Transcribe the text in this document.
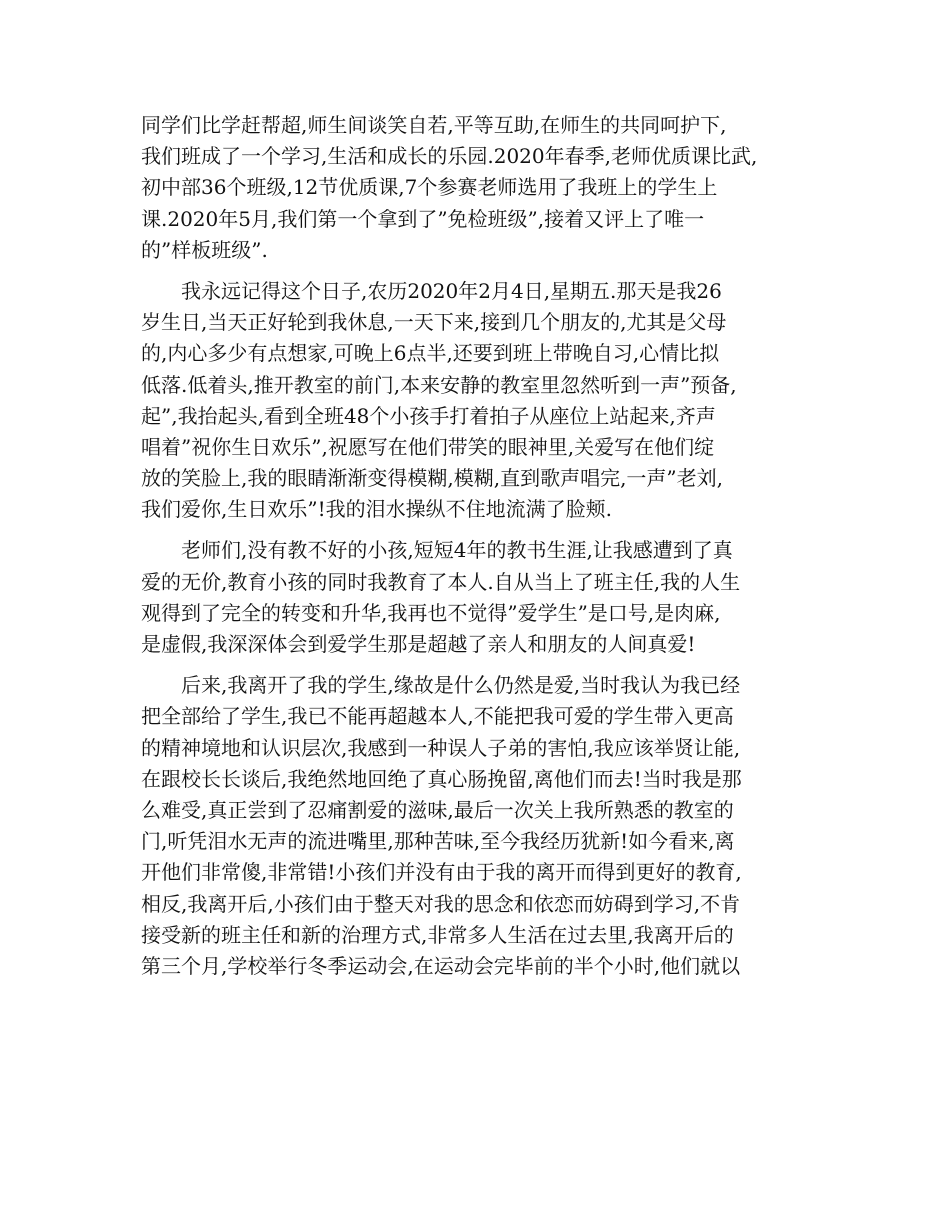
同学们比学赶帮超,师生间谈笑自若,平等互助,在师生的共同呵护下,
我们班成了一个学习,生活和成长的乐园.2020年春季,老师优质课比武,
初中部36个班级,12节优质课,7个参赛老师选用了我班上的学生上
课.2020年5月,我们第一个拿到了”免检班级”,接着又评上了唯一
的”样板班级”.
　　我永远记得这个日子,农历2020年2月4日,星期五.那天是我26
岁生日,当天正好轮到我休息,一天下来,接到几个朋友的,尤其是父母
的,内心多少有点想家,可晚上6点半,还要到班上带晚自习,心情比拟
低落.低着头,推开教室的前门,本来安静的教室里忽然听到一声”预备,
起”,我抬起头,看到全班48个小孩手打着拍子从座位上站起来,齐声
唱着”祝你生日欢乐”,祝愿写在他们带笑的眼神里,关爱写在他们绽
放的笑脸上,我的眼睛渐渐变得模糊,模糊,直到歌声唱完,一声”老刘,
我们爱你,生日欢乐”!我的泪水操纵不住地流满了脸颊.
　　老师们,没有教不好的小孩,短短4年的教书生涯,让我感遭到了真
爱的无价,教育小孩的同时我教育了本人.自从当上了班主任,我的人生
观得到了完全的转变和升华,我再也不觉得”爱学生”是口号,是肉麻,
是虚假,我深深体会到爱学生那是超越了亲人和朋友的人间真爱!
　　后来,我离开了我的学生,缘故是什么仍然是爱,当时我认为我已经
把全部给了学生,我已不能再超越本人,不能把我可爱的学生带入更高
的精神境地和认识层次,我感到一种误人子弟的害怕,我应该举贤让能,
在跟校长长谈后,我绝然地回绝了真心肠挽留,离他们而去!当时我是那
么难受,真正尝到了忍痛割爱的滋味,最后一次关上我所熟悉的教室的
门,听凭泪水无声的流进嘴里,那种苦味,至今我经历犹新!如今看来,离
开他们非常傻,非常错!小孩们并没有由于我的离开而得到更好的教育,
相反,我离开后,小孩们由于整天对我的思念和依恋而妨碍到学习,不肯
接受新的班主任和新的治理方式,非常多人生活在过去里,我离开后的
第三个月,学校举行冬季运动会,在运动会完毕前的半个小时,他们就以
